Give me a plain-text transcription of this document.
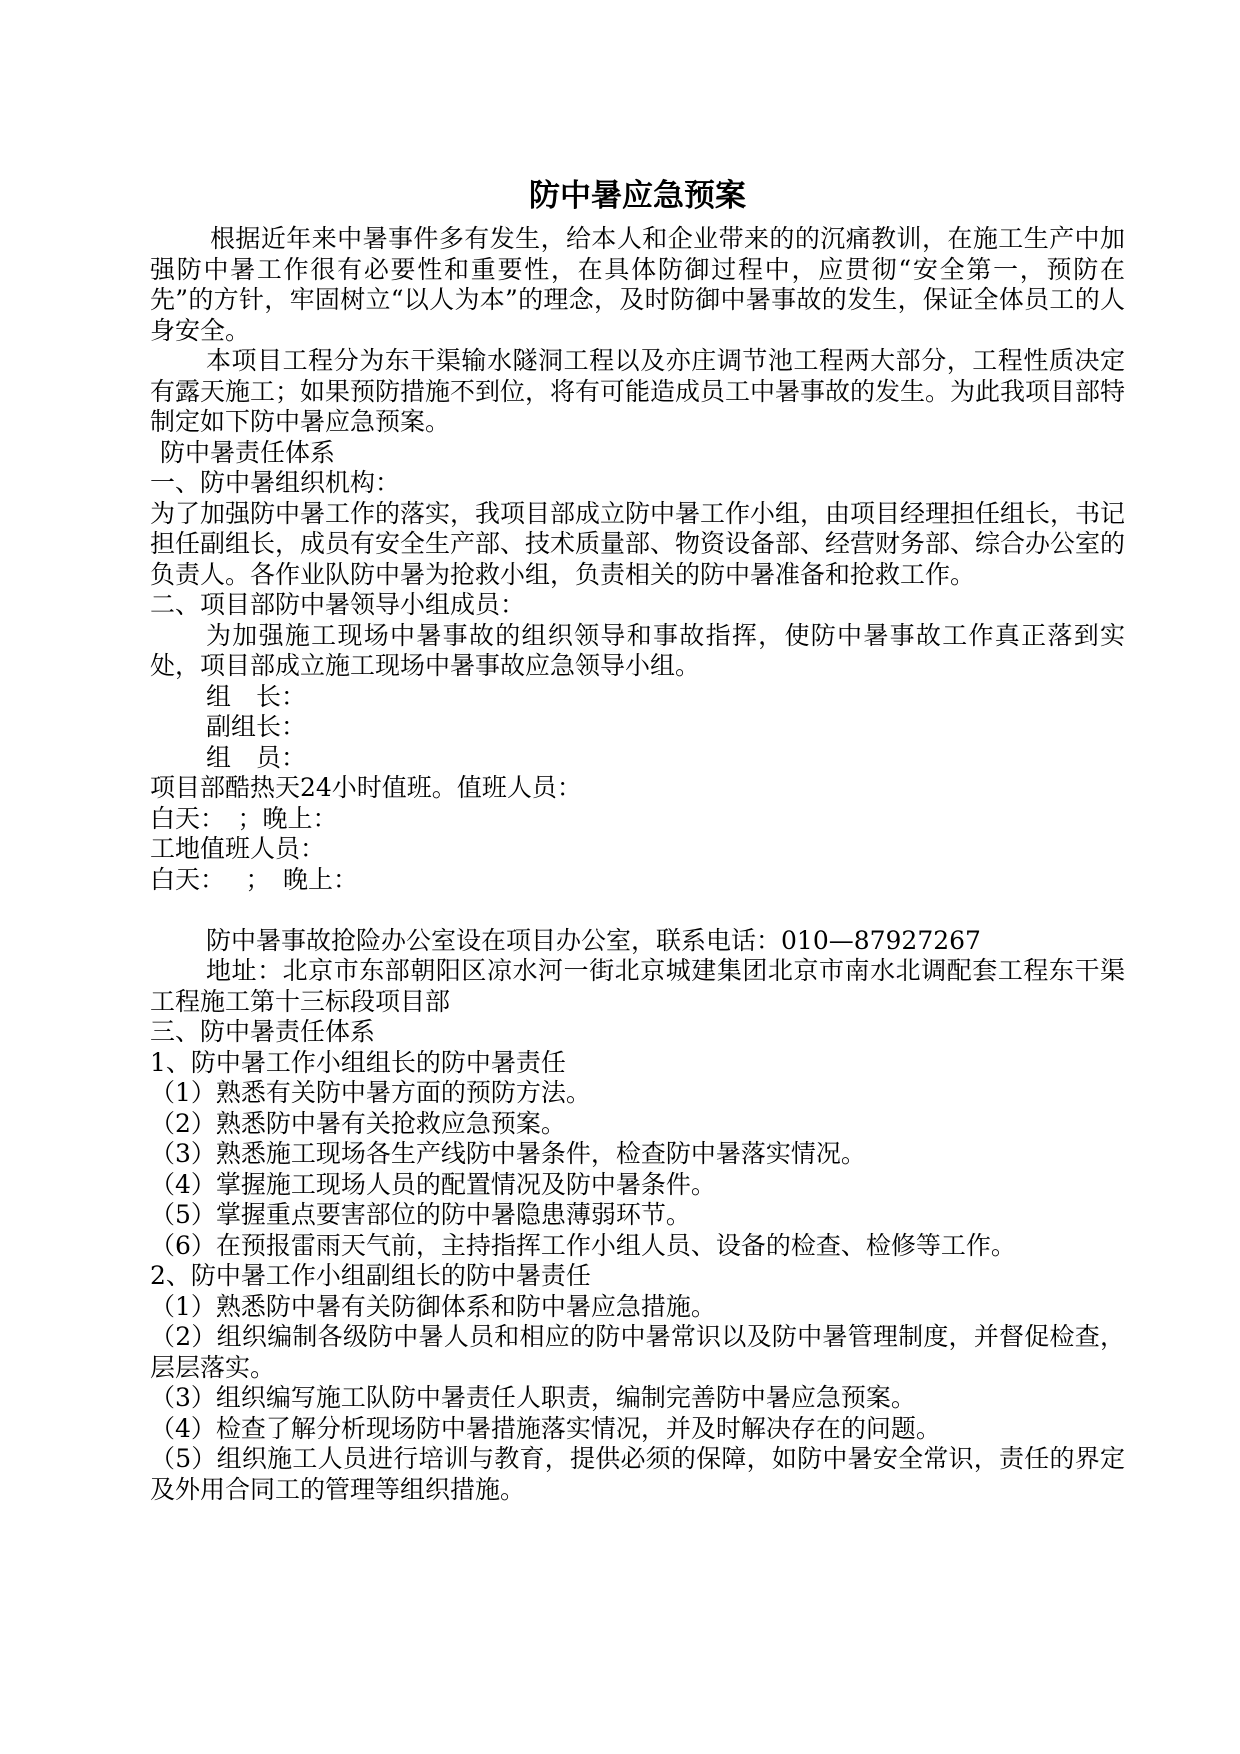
防中暑应急预案

根据近年来中暑事件多有发生，给本人和企业带来的的沉痛教训，在施工生产中加强防中暑工作很有必要性和重要性，在具体防御过程中，应贯彻“安全第一，预防在先”的方针，牢固树立“以人为本”的理念，及时防御中暑事故的发生，保证全体员工的人身安全。

本项目工程分为东干渠输水隧洞工程以及亦庄调节池工程两大部分，工程性质决定有露天施工；如果预防措施不到位，将有可能造成员工中暑事故的发生。为此我项目部特制定如下防中暑应急预案。

防中暑责任体系

一、防中暑组织机构：

为了加强防中暑工作的落实，我项目部成立防中暑工作小组，由项目经理担任组长，书记担任副组长，成员有安全生产部、技术质量部、物资设备部、经营财务部、综合办公室的负责人。各作业队防中暑为抢救小组，负责相关的防中暑准备和抢救工作。

二、项目部防中暑领导小组成员：

为加强施工现场中暑事故的组织领导和事故指挥，使防中暑事故工作真正落到实处，项目部成立施工现场中暑事故应急领导小组。

组　长：

副组长：

组　员：

项目部酷热天24小时值班。值班人员：

白天：　；晚上：

工地值班人员：

白天：　 ；　晚上：

防中暑事故抢险办公室设在项目办公室，联系电话：010—87927267

地址：北京市东部朝阳区凉水河一街北京城建集团北京市南水北调配套工程东干渠工程施工第十三标段项目部

三、防中暑责任体系

1、防中暑工作小组组长的防中暑责任

（1）熟悉有关防中暑方面的预防方法。

（2）熟悉防中暑有关抢救应急预案。

（3）熟悉施工现场各生产线防中暑条件，检查防中暑落实情况。

（4）掌握施工现场人员的配置情况及防中暑条件。

（5）掌握重点要害部位的防中暑隐患薄弱环节。

（6）在预报雷雨天气前，主持指挥工作小组人员、设备的检查、检修等工作。

2、防中暑工作小组副组长的防中暑责任

（1）熟悉防中暑有关防御体系和防中暑应急措施。

（2）组织编制各级防中暑人员和相应的防中暑常识以及防中暑管理制度，并督促检查，层层落实。

（3）组织编写施工队防中暑责任人职责，编制完善防中暑应急预案。

（4）检查了解分析现场防中暑措施落实情况，并及时解决存在的问题。

（5）组织施工人员进行培训与教育，提供必须的保障，如防中暑安全常识，责任的界定及外用合同工的管理等组织措施。
